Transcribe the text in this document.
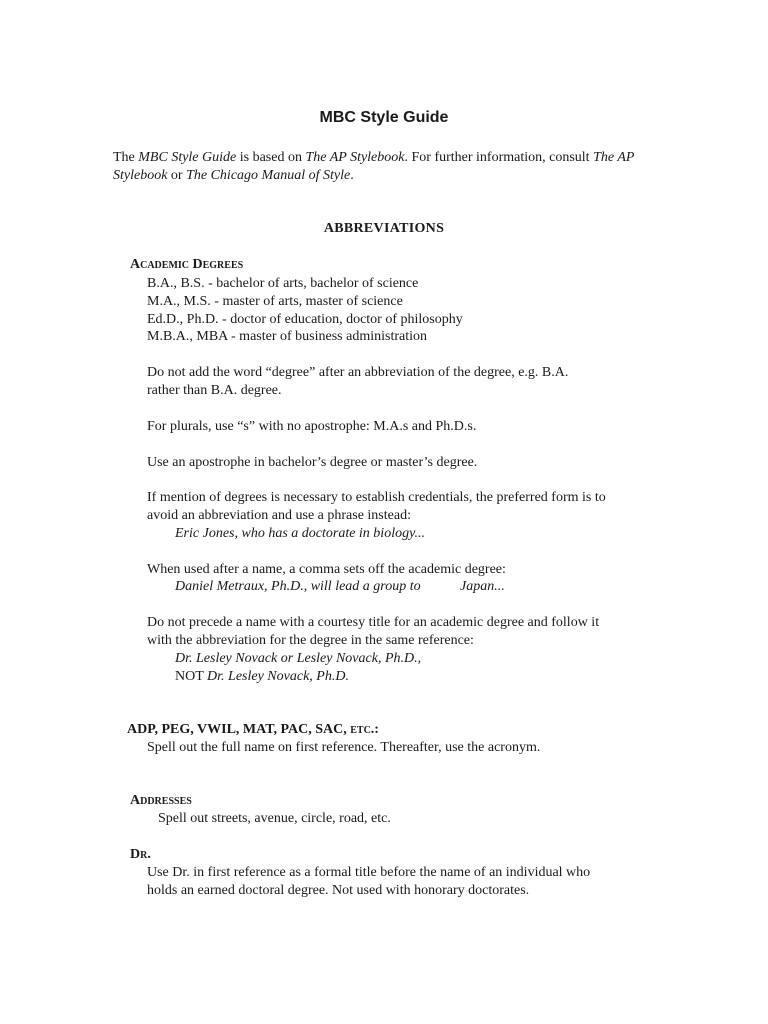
MBC Style Guide
The MBC Style Guide is based on The AP Stylebook. For further information, consult The AP Stylebook or The Chicago Manual of Style.
ABBREVIATIONS
Academic Degrees
B.A., B.S. - bachelor of arts, bachelor of science
M.A., M.S. - master of arts, master of science
Ed.D., Ph.D. - doctor of education, doctor of philosophy
M.B.A., MBA - master of business administration
Do not add the word “degree” after an abbreviation of the degree, e.g. B.A.
rather than B.A. degree.
For plurals, use “s” with no apostrophe: M.A.s and Ph.D.s.
Use an apostrophe in bachelor’s degree or master’s degree.
If mention of degrees is necessary to establish credentials, the preferred form is to
avoid an abbreviation and use a phrase instead:
Eric Jones, who has a doctorate in biology...
When used after a name, a comma sets off the academic degree:
Daniel Metraux, Ph.D., will lead a group to	Japan...
Do not precede a name with a courtesy title for an academic degree and follow it
with the abbreviation for the degree in the same reference:
Dr. Lesley Novack or Lesley Novack, Ph.D.,
NOT Dr. Lesley Novack, Ph.D.
ADP, PEG, VWIL, MAT, PAC, SAC, etc.:
Spell out the full name on first reference. Thereafter, use the acronym.
Addresses
Spell out streets, avenue, circle, road, etc.
Dr.
Use Dr. in first reference as a formal title before the name of an individual who
holds an earned doctoral degree. Not used with honorary doctorates.
